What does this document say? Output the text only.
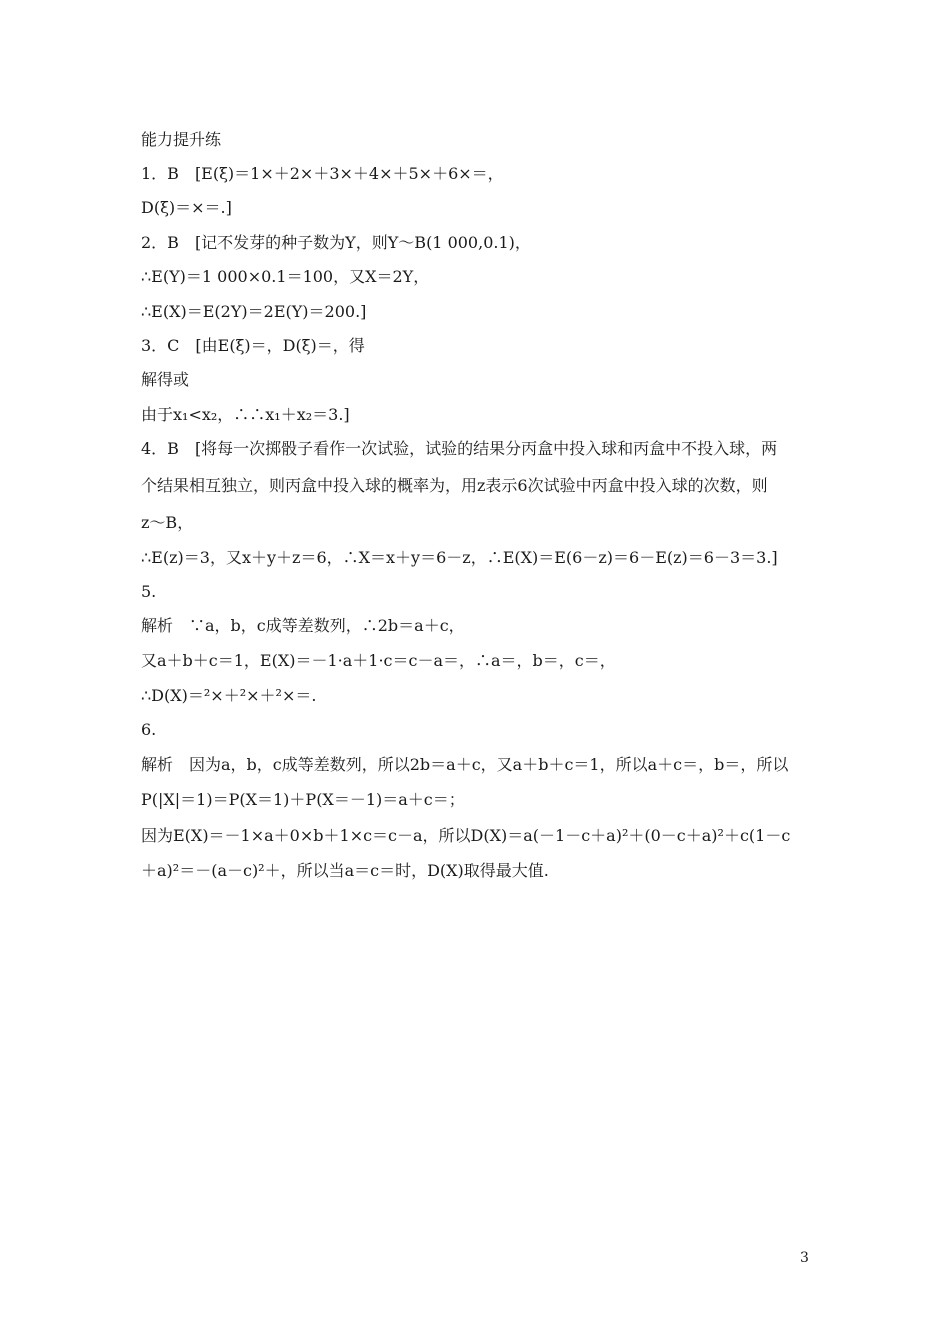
能力提升练
1．B　[E(ξ)＝1×＋2×＋3×＋4×＋5×＋6×＝，
D(ξ)＝×＝.]
2．B　[记不发芽的种子数为Y，则Y～B(1 000,0.1)，
∴E(Y)＝1 000×0.1＝100，又X＝2Y，
∴E(X)＝E(2Y)＝2E(Y)＝200.]
3．C　[由E(ξ)＝，D(ξ)＝，得
解得或
由于x₁<x₂，∴∴x₁＋x₂＝3.]
4．B　[将每一次掷骰子看作一次试验，试验的结果分丙盒中投入球和丙盒中不投入球，两
个结果相互独立，则丙盒中投入球的概率为，用z表示6次试验中丙盒中投入球的次数，则
z～B，
∴E(z)＝3，又x＋y＋z＝6，∴X＝x＋y＝6－z，∴E(X)＝E(6－z)＝6－E(z)＝6－3＝3.]
5.
解析　∵a，b，c成等差数列，∴2b＝a＋c，
又a＋b＋c＝1，E(X)＝－1·a＋1·c＝c－a＝，∴a＝，b＝，c＝，
∴D(X)＝²×＋²×＋²×＝.
6.
解析　因为a，b，c成等差数列，所以2b＝a＋c，又a＋b＋c＝1，所以a＋c＝，b＝，所以
P(|X|＝1)＝P(X＝1)＋P(X＝－1)＝a＋c＝；
因为E(X)＝－1×a＋0×b＋1×c＝c－a，所以D(X)＝a(－1－c＋a)²＋(0－c＋a)²＋c(1－c
＋a)²＝－(a－c)²＋，所以当a＝c＝时，D(X)取得最大值.
3
